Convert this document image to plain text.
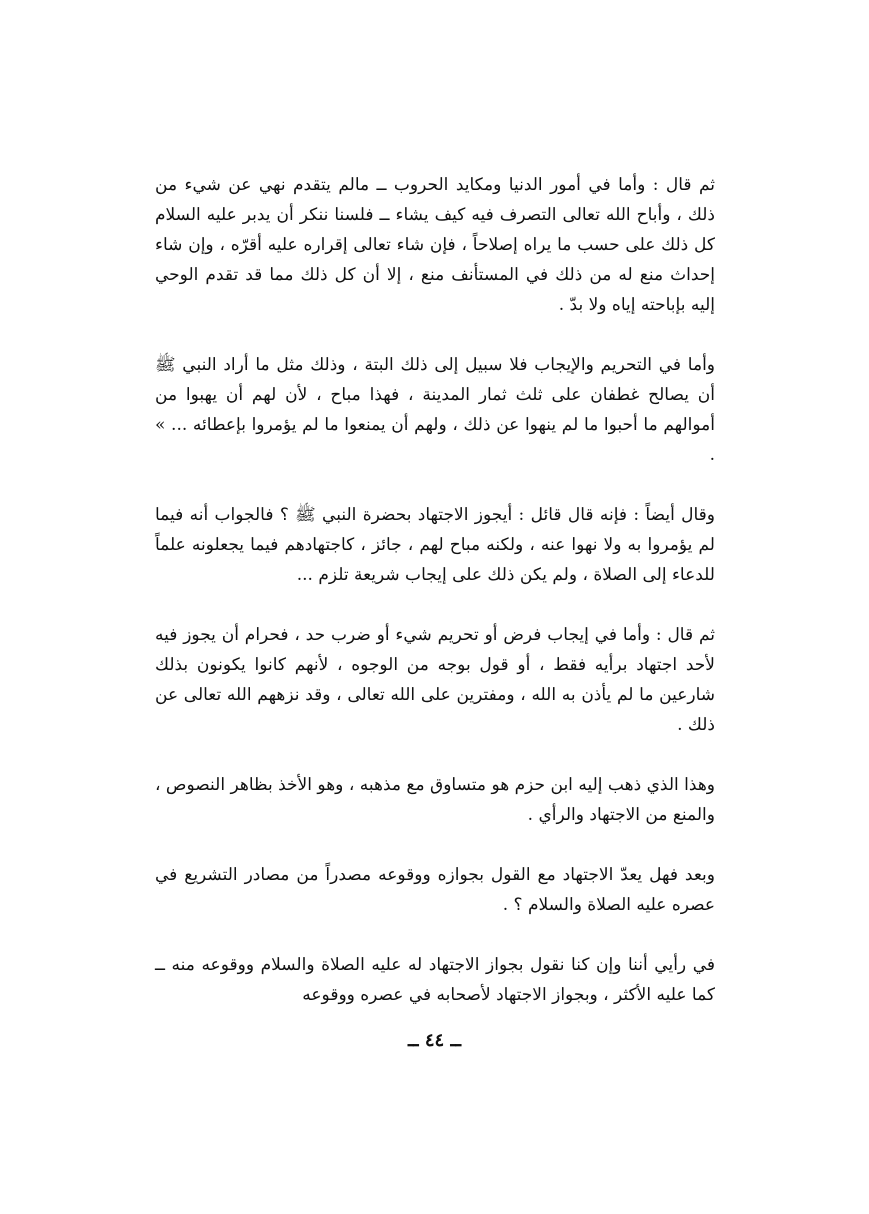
ثم قال : وأما في أمور الدنيا ومكايد الحروب ــ مالم يتقدم نهي عن شيء من ذلك ، وأباح الله تعالى التصرف فيه كيف يشاء ــ فلسنا ننكر أن يدبر عليه السلام كل ذلك على حسب ما يراه إصلاحاً ، فإن شاء تعالى إقراره عليه أقرّه ، وإن شاء إحداث منع له من ذلك في المستأنف منع ، إلا أن كل ذلك مما قد تقدم الوحي إليه بإباحته إياه ولا بدّ .

وأما في التحريم والإيجاب فلا سبيل إلى ذلك البتة ، وذلك مثل ما أراد النبي ﷺ أن يصالح غطفان على ثلث ثمار المدينة ، فهذا مباح ، لأن لهم أن يهبوا من أموالهم ما أحبوا ما لم ينهوا عن ذلك ، ولهم أن يمنعوا ما لم يؤمروا بإعطائه ... » .

وقال أيضاً : فإنه قال قائل : أيجوز الاجتهاد بحضرة النبي ﷺ ؟ فالجواب أنه فيما لم يؤمروا به ولا نهوا عنه ، ولكنه مباح لهم ، جائز ، كاجتهادهم فيما يجعلونه علماً للدعاء إلى الصلاة ، ولم يكن ذلك على إيجاب شريعة تلزم ...

ثم قال : وأما في إيجاب فرض أو تحريم شيء أو ضرب حد ، فحرام أن يجوز فيه لأحد اجتهاد برأيه فقط ، أو قول بوجه من الوجوه ، لأنهم كانوا يكونون بذلك شارعين ما لم يأذن به الله ، ومفترين على الله تعالى ، وقد نزههم الله تعالى عن ذلك .

وهذا الذي ذهب إليه ابن حزم هو متساوق مع مذهبه ، وهو الأخذ بظاهر النصوص ، والمنع من الاجتهاد والرأي .

وبعد فهل يعدّ الاجتهاد مع القول بجوازه ووقوعه مصدراً من مصادر التشريع في عصره عليه الصلاة والسلام ؟ .

في رأيي أننا وإن كنا نقول بجواز الاجتهاد له عليه الصلاة والسلام ووقوعه منه ــ كما عليه الأكثر ، وبجواز الاجتهاد لأصحابه في عصره ووقوعه

ــ ٤٤ ــ
